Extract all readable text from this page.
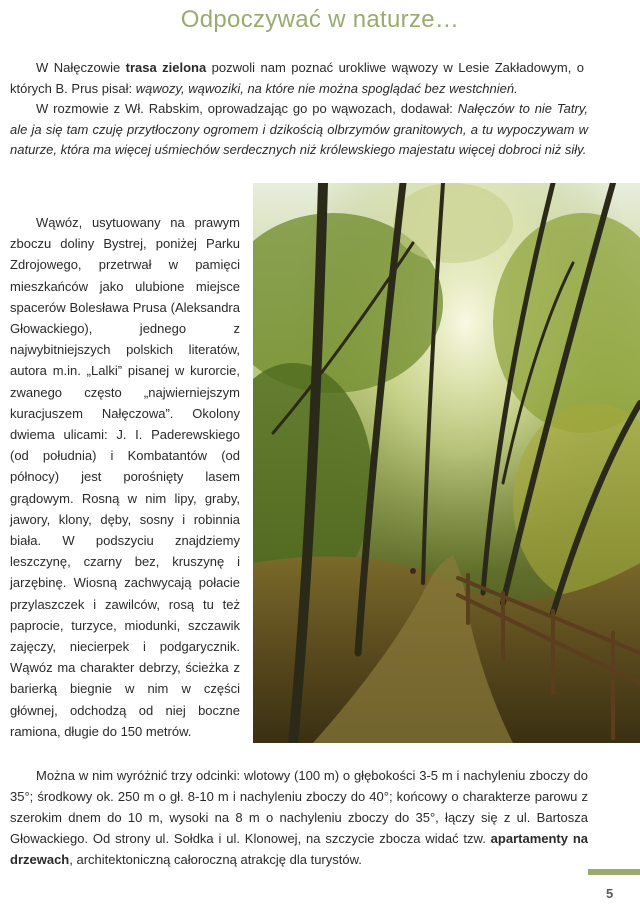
Odpoczywać w naturze…

W Nałęczowie trasa zielona pozwoli nam poznać urokliwe wąwozy w Lesie Zakładowym, o których B. Prus pisał: wąwozy, wąwoziki, na które nie można spoglądać bez westchnień.

W rozmowie z Wł. Rabskim, oprowadzając go po wąwozach, dodawał: Nałęczów to nie Tatry, ale ja się tam czuję przytłoczony ogromem i dzikością olbrzymów granitowych, a tu wypoczywam w naturze, która ma więcej uśmiechów serdecznych niż królewskiego majestatu więcej dobroci niż siły.

Wąwóz, usytuowany na prawym zboczu doliny Bystrej, poniżej Parku Zdrojowego, przetrwał w pamięci mieszkańców jako ulubione miejsce spacerów Bolesława Prusa (Aleksandra Głowackiego), jednego z najwybitniejszych polskich literatów, autora m.in. „Lalki” pisanej w kurorcie, zwanego często „najwierniejszym kuracjuszem Nałęczowa”. Okolony dwiema ulicami: J. I. Paderewskiego (od południa) i Kombatantów (od północy) jest porośnięty lasem grądowym. Rosną w nim lipy, graby, jawory, klony, dęby, sosny i robinnia biała. W podszyciu znajdziemy leszczynę, czarny bez, kruszynę i jarzębinę. Wiosną zachwycają połacie przylaszczek i zawilców, rosą tu też paprocie, turzyce, miodunki, szczawik zajęczy, niecierpek i podgarycznik. Wąwóz ma charakter debrzy, ścieżka z barierką biegnie w nim w części głównej, odchodzą od niej boczne ramiona, długie do 150 metrów.

Można w nim wyróżnić trzy odcinki: wlotowy (100 m) o głębokości 3-5 m i nachyleniu zboczy do 35°; środkowy ok. 250 m o gł. 8-10 m i nachyleniu zboczy do 40°; końcowy o charakterze parowu z szerokim dnem do 10 m, wysoki na 8 m o nachyleniu zboczy do 35°, łączy się z ul. Bartosza Głowackiego. Od strony ul. Sołdka i ul. Klonowej, na szczycie zbocza widać tzw. apartamenty na drzewach, architektoniczną całoroczną atrakcję dla turystów.

5
